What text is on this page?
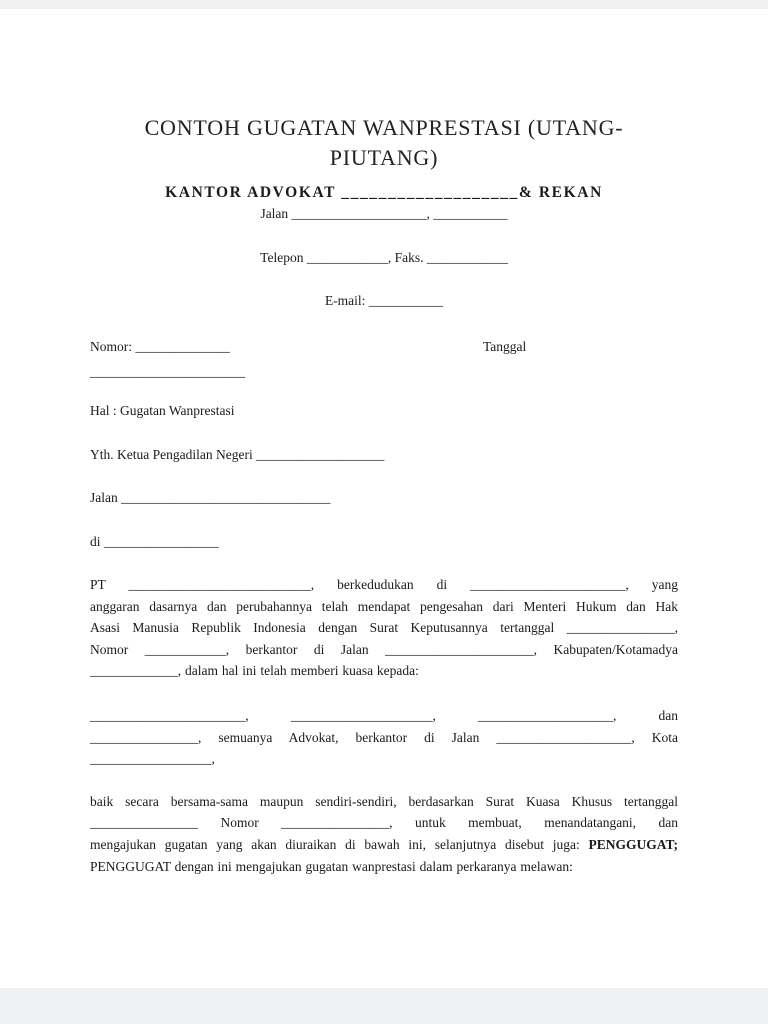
CONTOH GUGATAN WANPRESTASI (UTANG-
PIUTANG)
KANTOR ADVOKAT ___________________& REKAN
Jalan ____________________, ___________
Telepon ____________, Faks. ____________
E-mail: ___________
Nomor: ______________	Tanggal
_______________________
Hal : Gugatan Wanprestasi
Yth. Ketua Pengadilan Negeri ___________________
Jalan _______________________________
di _________________
PT ___________________________, berkedudukan di _______________________, yang
anggaran dasarnya dan perubahannya telah mendapat pengesahan dari Menteri Hukum dan Hak
Asasi Manusia Republik Indonesia dengan Surat Keputusannya tertanggal ________________,
Nomor ____________, berkantor di Jalan ______________________, Kabupaten/Kotamadya
_____________, dalam hal ini telah memberi kuasa kepada:
_______________________, _____________________, ____________________, dan
________________, semuanya Advokat, berkantor di Jalan ____________________, Kota
__________________,
baik secara bersama-sama maupun sendiri-sendiri, berdasarkan Surat Kuasa Khusus tertanggal
________________ Nomor ________________, untuk membuat, menandatangani, dan
mengajukan gugatan yang akan diuraikan di bawah ini, selanjutnya disebut juga: PENGGUGAT;
PENGGUGAT dengan ini mengajukan gugatan wanprestasi dalam perkaranya melawan:
